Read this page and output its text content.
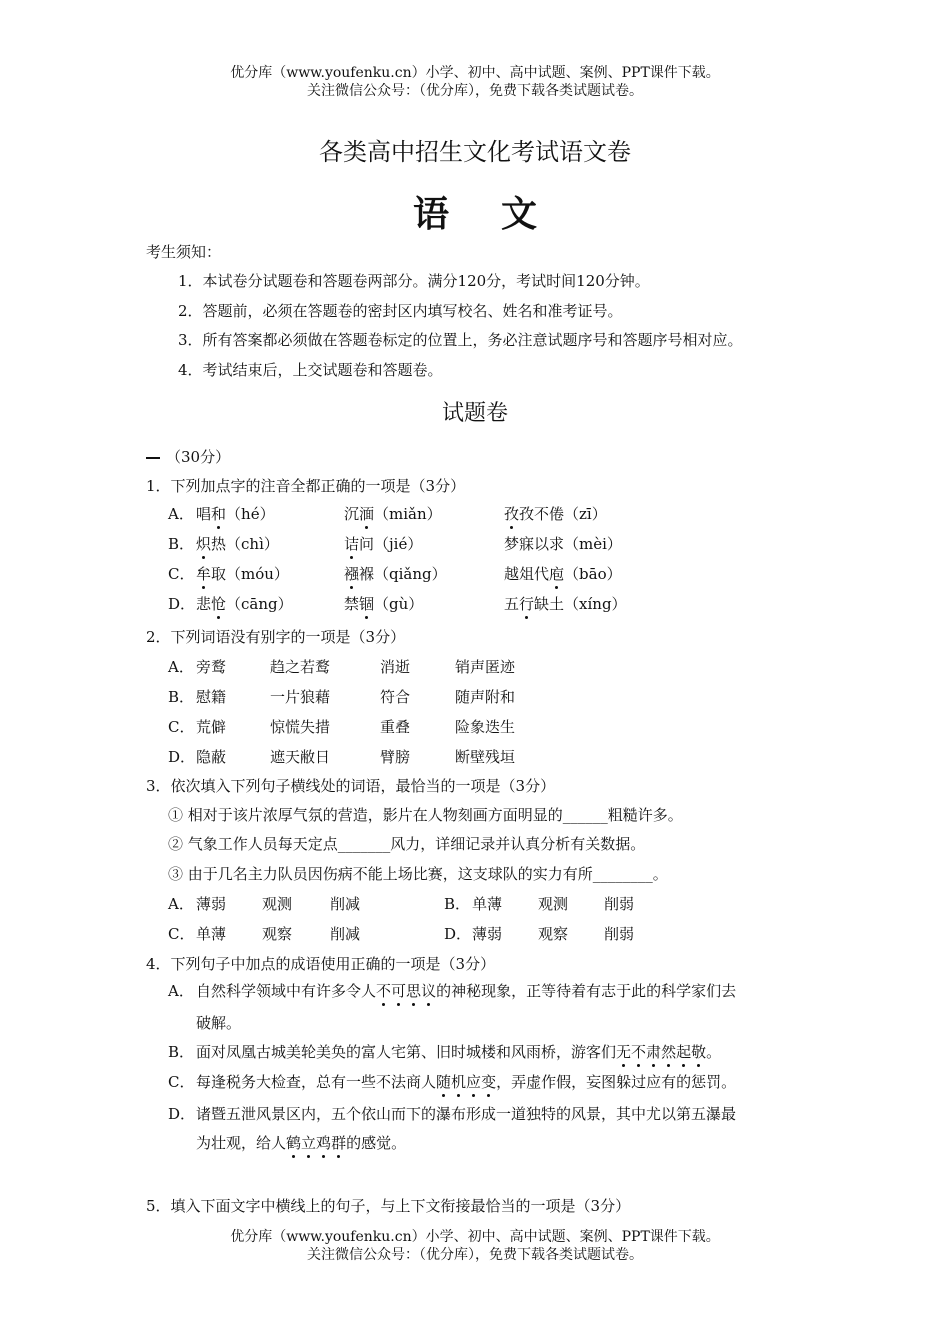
优分库（www.youfenku.cn）小学、初中、高中试题、案例、PPT课件下载。
关注微信公众号：（优分库），免费下载各类试题试卷。
各类高中招生文化考试语文卷
语文
考生须知：
1．本试卷分试题卷和答题卷两部分。满分120分，考试时间120分钟。
2．答题前，必须在答题卷的密封区内填写校名、姓名和准考证号。
3．所有答案都必须做在答题卷标定的位置上，务必注意试题序号和答题序号相对应。
4．考试结束后，上交试题卷和答题卷。
试题卷
（30分）
1．下列加点字的注音全都正确的一项是（3分）
A． 唱和（hé）	沉湎（miǎn）	孜孜不倦（zī）
B． 炽热（chì）	诘问（jié）	梦寐以求（mèi）
C． 牟取（móu）	襁褓（qiǎng）	越俎代庖（bāo）
D． 悲怆（cāng）	禁锢（gù）	五行缺土（xíng）
2．下列词语没有别字的一项是（3分）
A． 旁鹜	趋之若鹜	消逝	销声匿迹
B． 慰籍	一片狼藉	符合	随声附和
C． 荒僻	惊慌失措	重叠	险象迭生
D． 隐蔽	遮天敝日	臂膀	断壁残垣
3．依次填入下列句子横线处的词语，最恰当的一项是（3分）
① 相对于该片浓厚气氛的营造，影片在人物刻画方面明显的______粗糙许多。
② 气象工作人员每天定点_______风力，详细记录并认真分析有关数据。
③ 由于几名主力队员因伤病不能上场比赛，这支球队的实力有所________。
A． 薄弱 观测	削减	B． 单薄 观测 削弱
C． 单薄 观察	削减	D． 薄弱 观察 削弱
4．下列句子中加点的成语使用正确的一项是（3分）
A． 自然科学领域中有许多令人不可思议的神秘现象，正等待着有志于此的科学家们去
破解。
B． 面对凤凰古城美轮美奂的富人宅第、旧时城楼和风雨桥，游客们无不肃然起敬。
C． 每逢税务大检查，总有一些不法商人随机应变，弄虚作假，妄图躲过应有的惩罚。
D． 诸暨五泄风景区内，五个依山而下的瀑布形成一道独特的风景，其中尤以第五瀑最
为壮观，给人鹤立鸡群的感觉。
5．填入下面文字中横线上的句子，与上下文衔接最恰当的一项是（3分）
优分库（www.youfenku.cn）小学、初中、高中试题、案例、PPT课件下载。
关注微信公众号：（优分库），免费下载各类试题试卷。
